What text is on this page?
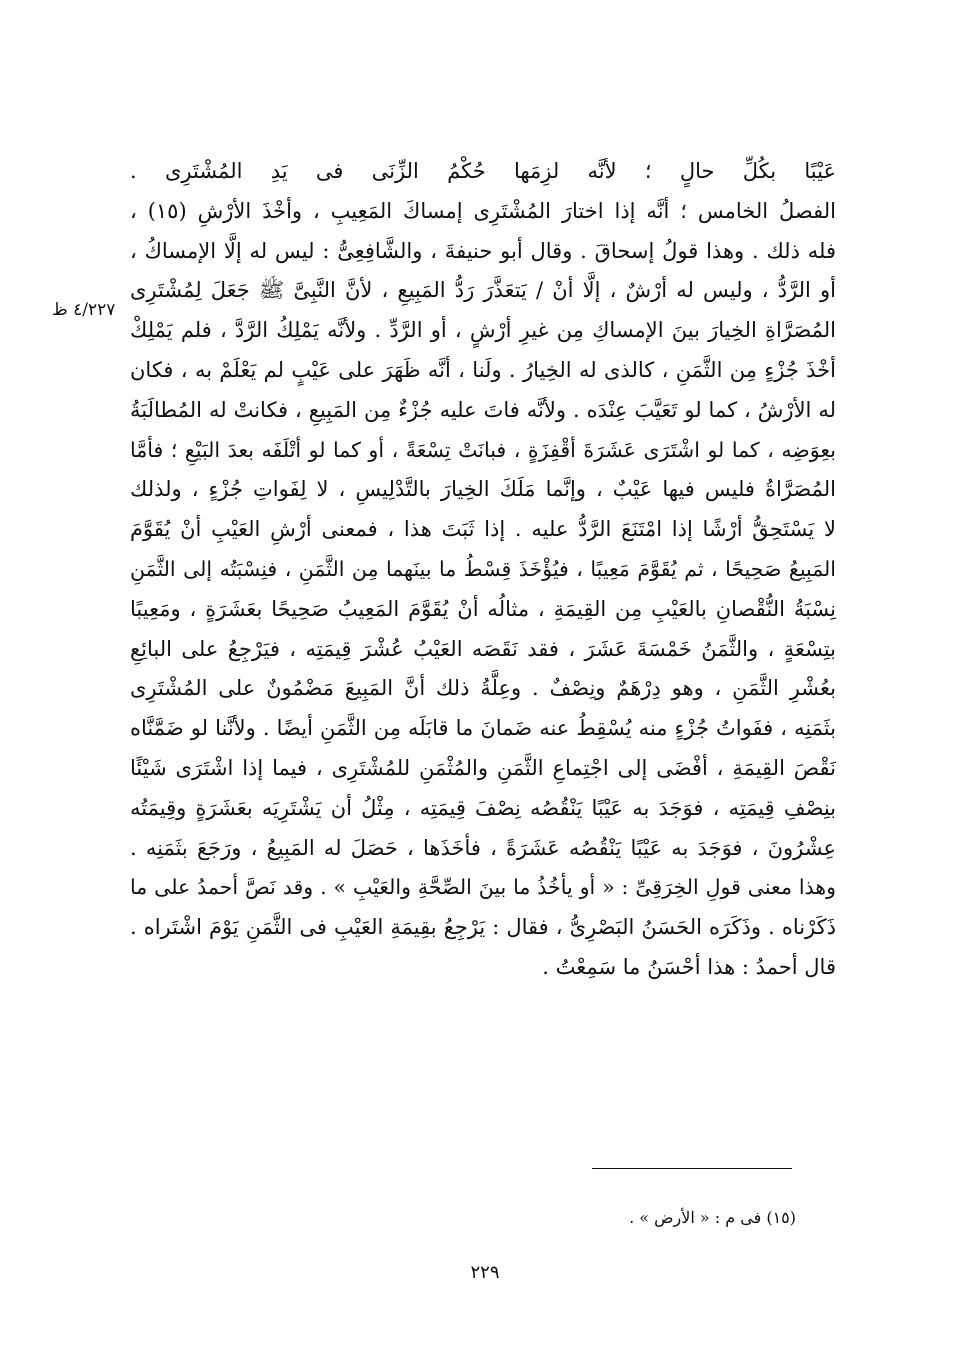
عَيْبًا بكُلِّ حالٍ ؛ لأنَّه لزِمَها حُكْمُ الزِّنَى فى يَدِ المُشْتَرِى .
الفصلُ الخامس ؛ أنَّه إذا اختارَ المُشْتَرِى إمساكَ المَعِيبِ ، وأخْذَ الأرْشِ (١٥) ،
فله ذلك . وهذا قولُ إسحاقَ . وقال أبو حنيفةَ ، والشَّافِعِىُّ : ليس له إلَّا الإمساكُ ،
أو الرَّدُّ ، وليس له أرْشٌ ، إلَّا أنْ / يَتعَذَّرَ رَدُّ المَبِيعِ ، لأنَّ النَّبِىَّ ﷺ جَعَلَ لِمُشْتَرِى
المُصَرَّاةِ الخِيارَ بينَ الإمساكِ مِن غيرِ أرْشٍ ، أو الرَّدِّ . ولأنَّه يَمْلِكُ الرَّدَّ ، فلم يَمْلِكْ
أخْذَ جُزْءٍ مِن الثَّمَنِ ، كالذى له الخِيارُ . ولَنا ، أنَّه ظَهَرَ على عَيْبٍ لم يَعْلَمْ به ، فكان
له الأرْشُ ، كما لو تَعَيَّبَ عِنْدَه . ولأنَّه فاتَ عليه جُزْءٌ مِن المَبِيعِ ، فكانتْ له المُطالَبَةُ
بعِوَضِه ، كما لو اشْتَرَى عَشَرَةَ أقْفِزَةٍ ، فبانَتْ تِسْعَةً ، أو كما لو أتْلَفَه بعدَ البَيْعِ ؛ فأمَّا
المُصَرَّاةُ فليس فيها عَيْبٌ ، وإنَّما مَلَكَ الخِيارَ بالتَّدْلِيسِ ، لا لِفَواتِ جُزْءٍ ، ولذلك
لا يَسْتَحِقُّ أرْشًا إذا امْتَنَعَ الرَّدُّ عليه . إذا ثَبَتَ هذا ، فمعنى أرْشِ العَيْبِ أنْ يُقَوَّمَ
المَبِيعُ صَحِيحًا ، ثم يُقَوَّمَ مَعِيبًا ، فيُؤْخَذَ قِسْطُ ما بينَهما مِن الثَّمَنِ ، فنِسْبَتُه إلى الثَّمَنِ
نِسْبَةُ النُّقْصانِ بالعَيْبِ مِن القِيمَةِ ، مثالُه أنْ يُقَوَّمَ المَعِيبُ صَحِيحًا بعَشَرَةٍ ، ومَعِيبًا
بتِسْعَةٍ ، والثَّمَنُ خَمْسَةَ عَشَرَ ، فقد نَقَصَه العَيْبُ عُشْرَ قِيمَتِه ، فيَرْجِعُ على البائِعِ
بعُشْرِ الثَّمَنِ ، وهو دِرْهَمٌ ونِصْفٌ . وعِلَّةُ ذلك أنَّ المَبِيعَ مَضْمُونٌ على المُشْتَرِى
بثَمَنِه ، ففَواتُ جُزْءٍ منه يُسْقِطُ عنه ضَمانَ ما قابَلَه مِن الثَّمَنِ أيضًا . ولأنَّنا لو ضَمَّنَّاه
نَقْصَ القِيمَةِ ، أفْضَى إلى اجْتِماعِ الثَّمَنِ والمُثْمَنِ للمُشْتَرِى ، فيما إذا اشْتَرَى شَيْئًا
بنِصْفِ قِيمَتِه ، فوَجَدَ به عَيْبًا يَنْقُصُه نِصْفَ قِيمَتِه ، مِثْلُ أن يَشْتَرِيَه بعَشَرَةٍ وقِيمَتُه
عِشْرُونَ ، فوَجَدَ به عَيْبًا يَنْقُصُه عَشَرَةً ، فأخَذَها ، حَصَلَ له المَبِيعُ ، ورَجَعَ بثَمَنِه .
وهذا معنى قولِ الخِرَقِىِّ : « أو يأخُذُ ما بينَ الصِّحَّةِ والعَيْبِ » . وقد نَصَّ أحمدُ على ما
ذَكَرْناه . وذَكَرَه الحَسَنُ البَصْرِىُّ ، فقال : يَرْجِعُ بقِيمَةِ العَيْبِ فى الثَّمَنِ يَوْمَ اشْتَراه .
قال أحمدُ : هذا أحْسَنُ ما سَمِعْتُ .
٤/٢٢٧ ظ
(١٥) فى م : « الأرض » .
٢٢٩
